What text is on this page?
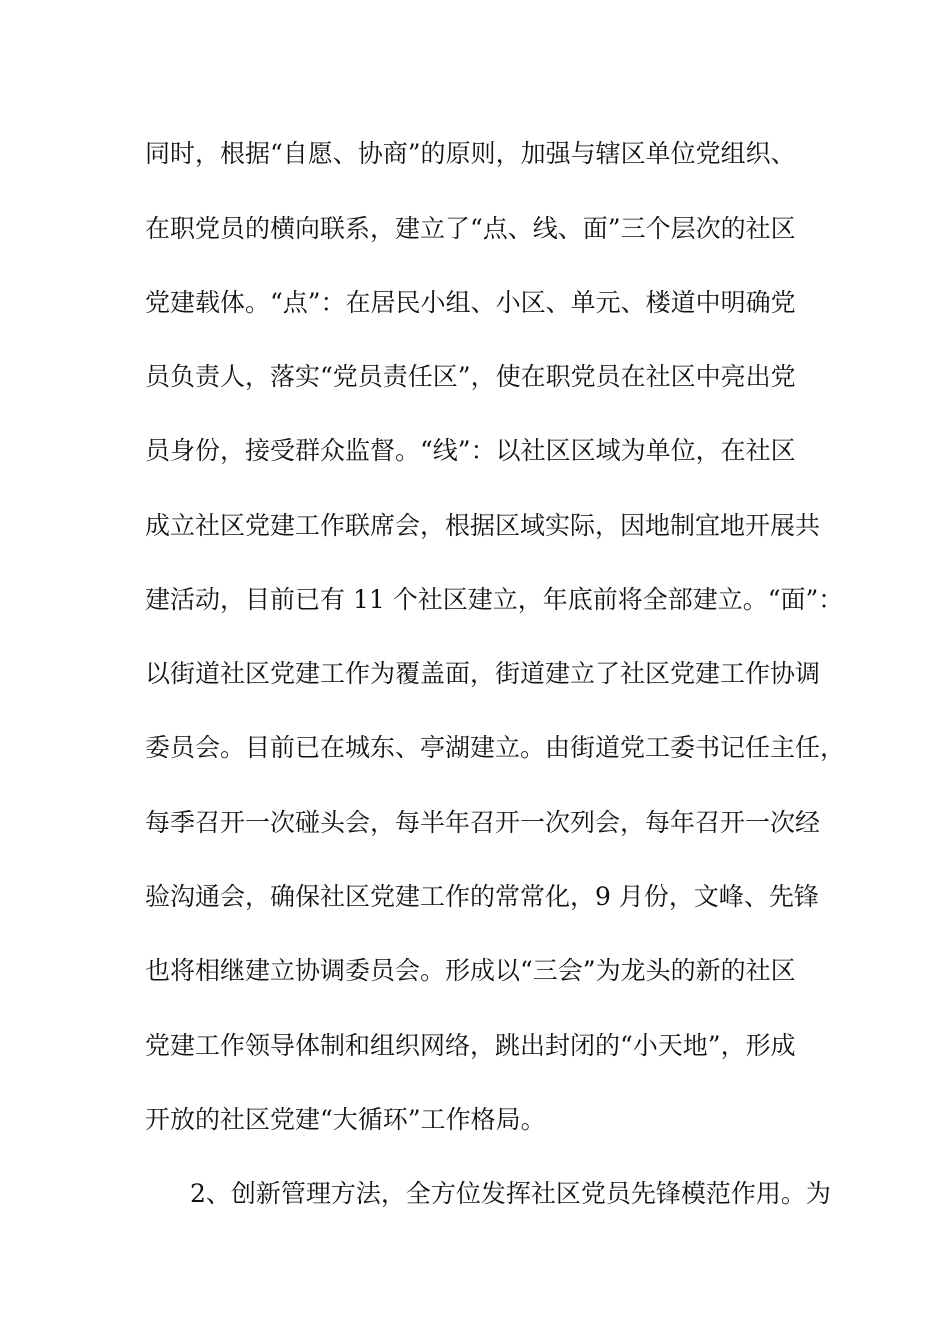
同时，根据“自愿、协商”的原则，加强与辖区单位党组织、
在职党员的横向联系，建立了“点、线、面”三个层次的社区
党建载体。“点”：在居民小组、小区、单元、楼道中明确党
员负责人，落实“党员责任区”，使在职党员在社区中亮出党
员身份，接受群众监督。“线”：以社区区域为单位，在社区
成立社区党建工作联席会，根据区域实际，因地制宜地开展共
建活动，目前已有 11 个社区建立，年底前将全部建立。“面”：
以街道社区党建工作为覆盖面，街道建立了社区党建工作协调
委员会。目前已在城东、亭湖建立。由街道党工委书记任主任，
每季召开一次碰头会，每半年召开一次列会，每年召开一次经
验沟通会，确保社区党建工作的常常化，9 月份，文峰、先锋
也将相继建立协调委员会。形成以“三会”为龙头的新的社区
党建工作领导体制和组织网络，跳出封闭的“小天地”，形成
开放的社区党建“大循环”工作格局。
2、创新管理方法，全方位发挥社区党员先锋模范作用。为
